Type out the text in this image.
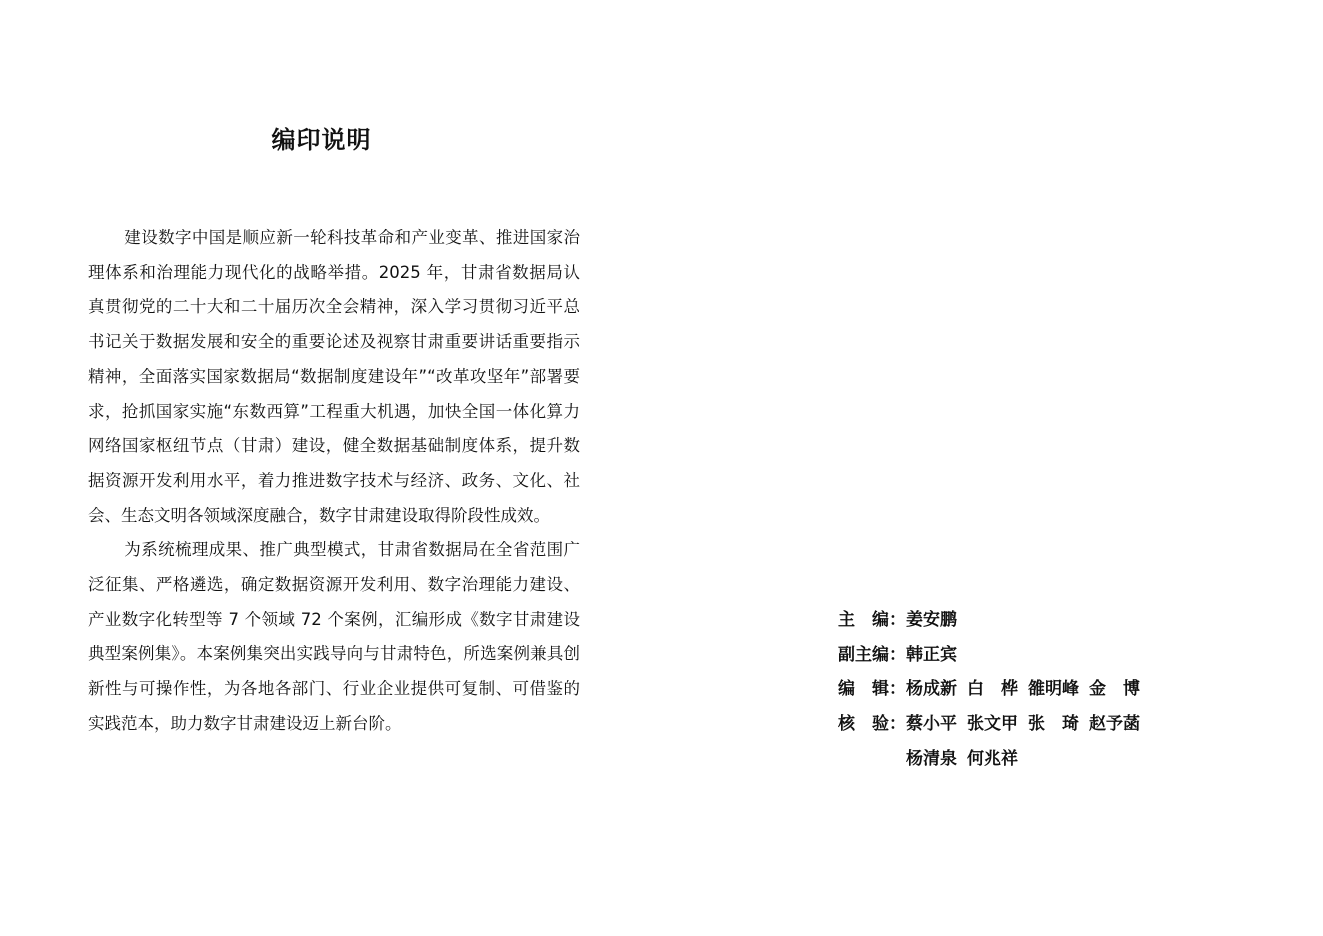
编印说明

建设数字中国是顺应新一轮科技革命和产业变革、推进国家治理体系和治理能力现代化的战略举措。2025 年，甘肃省数据局认真贯彻党的二十大和二十届历次全会精神，深入学习贯彻习近平总书记关于数据发展和安全的重要论述及视察甘肃重要讲话重要指示精神，全面落实国家数据局“数据制度建设年”“改革攻坚年”部署要求，抢抓国家实施“东数西算”工程重大机遇，加快全国一体化算力网络国家枢纽节点（甘肃）建设，健全数据基础制度体系，提升数据资源开发利用水平，着力推进数字技术与经济、政务、文化、社会、生态文明各领域深度融合，数字甘肃建设取得阶段性成效。

为系统梳理成果、推广典型模式，甘肃省数据局在全省范围广泛征集、严格遴选，确定数据资源开发利用、数字治理能力建设、产业数字化转型等 7 个领域 72 个案例，汇编形成《数字甘肃建设典型案例集》。本案例集突出实践导向与甘肃特色，所选案例兼具创新性与可操作性，为各地各部门、行业企业提供可复制、可借鉴的实践范本，助力数字甘肃建设迈上新台阶。

主　编： 姜安鹏
副主编： 韩正宾
编　辑： 杨成新 白　桦 雒明峰 金　博
核　验： 蔡小平 张文甲 张　琦 赵予菡
杨清泉 何兆祥
